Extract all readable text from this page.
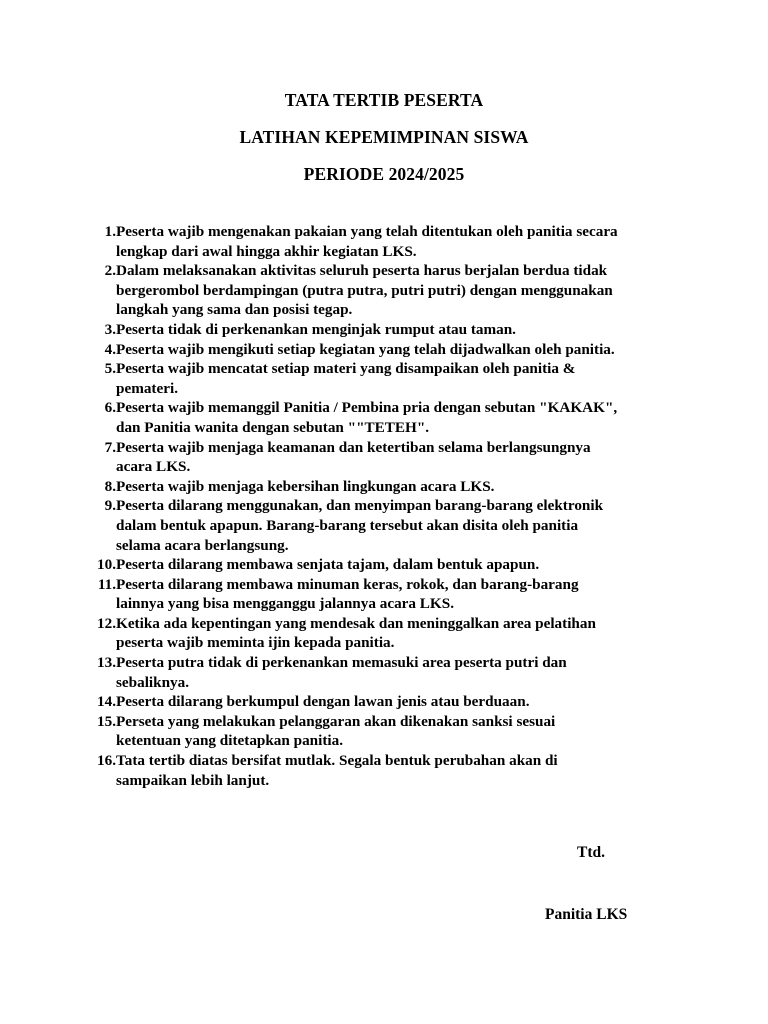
TATA TERTIB PESERTA
LATIHAN KEPEMIMPINAN SISWA
PERIODE 2024/2025
1. Peserta wajib mengenakan pakaian yang telah ditentukan oleh panitia secara
lengkap dari awal hingga akhir kegiatan LKS.
2. Dalam melaksanakan aktivitas seluruh peserta harus berjalan berdua tidak
bergerombol berdampingan (putra putra, putri putri) dengan menggunakan
langkah yang sama dan posisi tegap.
3. Peserta tidak di perkenankan menginjak rumput atau taman.
4. Peserta wajib mengikuti setiap kegiatan yang telah dijadwalkan oleh panitia.
5. Peserta wajib mencatat setiap materi yang disampaikan oleh panitia &
pemateri.
6. Peserta wajib memanggil Panitia / Pembina pria dengan sebutan "KAKAK",
dan Panitia wanita dengan sebutan ""TETEH".
7. Peserta wajib menjaga keamanan dan ketertiban selama berlangsungnya
acara LKS.
8. Peserta wajib menjaga kebersihan lingkungan acara LKS.
9. Peserta dilarang menggunakan, dan menyimpan barang-barang elektronik
dalam bentuk apapun. Barang-barang tersebut akan disita oleh panitia
selama acara berlangsung.
10. Peserta dilarang membawa senjata tajam, dalam bentuk apapun.
11. Peserta dilarang membawa minuman keras, rokok, dan barang-barang
lainnya yang bisa mengganggu jalannya acara LKS.
12. Ketika ada kepentingan yang mendesak dan meninggalkan area pelatihan
peserta wajib meminta ijin kepada panitia.
13. Peserta putra tidak di perkenankan memasuki area peserta putri dan
sebaliknya.
14. Peserta dilarang berkumpul dengan lawan jenis atau berduaan.
15. Perseta yang melakukan pelanggaran akan dikenakan sanksi sesuai
ketentuan yang ditetapkan panitia.
16. Tata tertib diatas bersifat mutlak. Segala bentuk perubahan akan di
sampaikan lebih lanjut.
Ttd.
Panitia LKS
